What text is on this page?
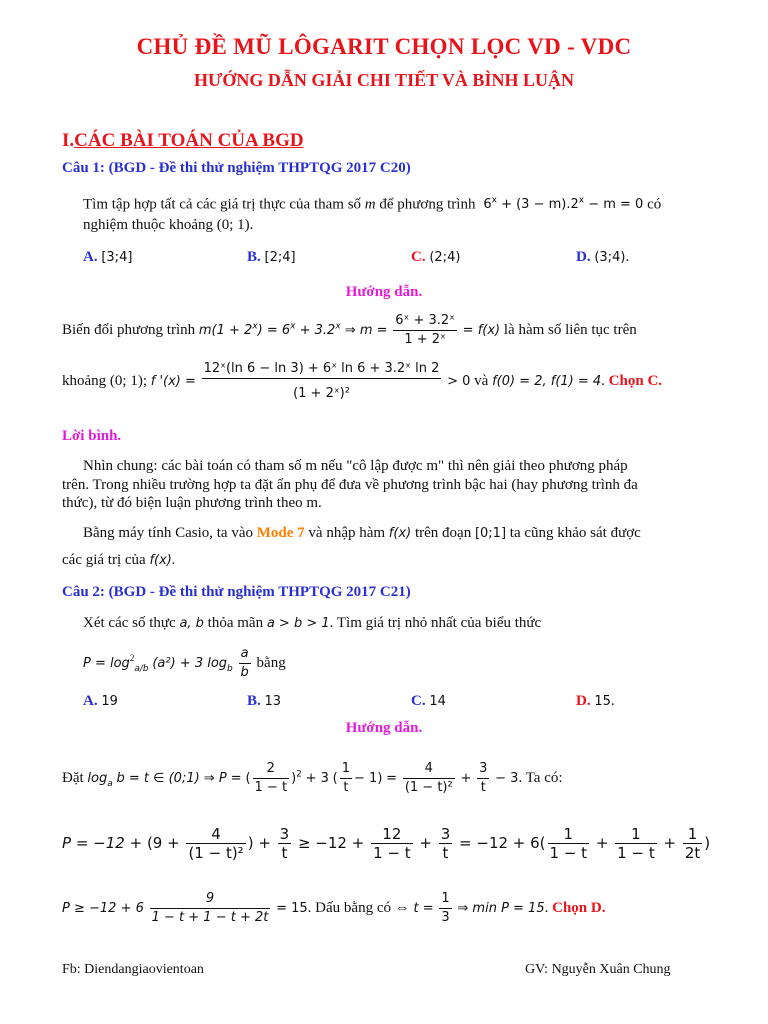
CHỦ ĐỀ MŨ LÔGARIT CHỌN LỌC VD - VDC
HƯỚNG DẪN GIẢI CHI TIẾT VÀ BÌNH LUẬN
I.CÁC BÀI TOÁN CỦA BGD
Câu 1: (BGD - Đề thi thử nghiệm THPTQG 2017 C20)
Tìm tập hợp tất cả các giá trị thực của tham số m để phương trình $6^x + (3 - m).2^x - m = 0$ có
nghiệm thuộc khoảng (0; 1).
A. [3;4]	B. [2;4]	C. (2;4)	D. (3;4).
Hướng dẫn.
Biến đổi phương trình $m(1 + 2^x) = 6^x + 3.2^x$ ⇒ $m = \frac{\text{6ˣ + 3.2ˣ}}{\text{1 + 2ˣ}} = f(x)$ là hàm số liên tục trên
khoảng (0; 1); f '$(x) = \frac{\text{12ˣ(ln 6 − ln 3) + 6ˣ ln 6 + 3.2ˣ ln 2}}{\text{(1 + 2ˣ)²}} > 0$ và f(0) = 2, f(1) = 4. Chọn C.
Lời bình.
Nhìn chung: các bài toán có tham số m nếu "cô lập được m" thì nên giải theo phương pháp
trên. Trong nhiều trường hợp ta đặt ẩn phụ để đưa về phương trình bậc hai (hay phương trình đa
thức), từ đó biện luận phương trình theo m.
Bằng máy tính Casio, ta vào Mode 7 và nhập hàm f(x) trên đoạn [0;1] ta cũng khảo sát được
các giá trị của f(x).
Câu 2: (BGD - Đề thi thử nghiệm THPTQG 2017 C21)
Xét các số thực a, b thỏa mãn a > b > 1. Tìm giá trị nhỏ nhất của biểu thức
$P = \log^2_{a/b} (a^2) + 3$ $\log_b \frac{a}{b}$ bằng
A. 19	B. 13	C. 14	D. 15.
Hướng dẫn.
Đặt $\log_a b = t$ ∈ (0;1) ⇒ P = ( $\frac{2}{1 - t} )^2 + 3$ ( $\frac{1}{t} - 1) = \frac{4}{\text{(1 − t)²}} + \frac{3}{t} - 3$. Ta có:
$P = -12 + (9 + \frac{4}{\text{(1 − t)²}}$ ) + $\frac{3}{t} \ge -12 + \frac{12}{1 - t} + \frac{3}{t} = -12 + 6( \frac{1}{1 - t} + \frac{1}{1 - t} + \frac{1}{2t}$ )
$P \ge -12 + 6 \frac{9}{1 - t + 1 - t + 2t} = 15$. Dấu bằng có ⇔ $t = \frac{1}{3}$ ⇒ min P = 15. Chọn D.
Fb: Diendangiaovientoan	GV: Nguyễn Xuân Chung
